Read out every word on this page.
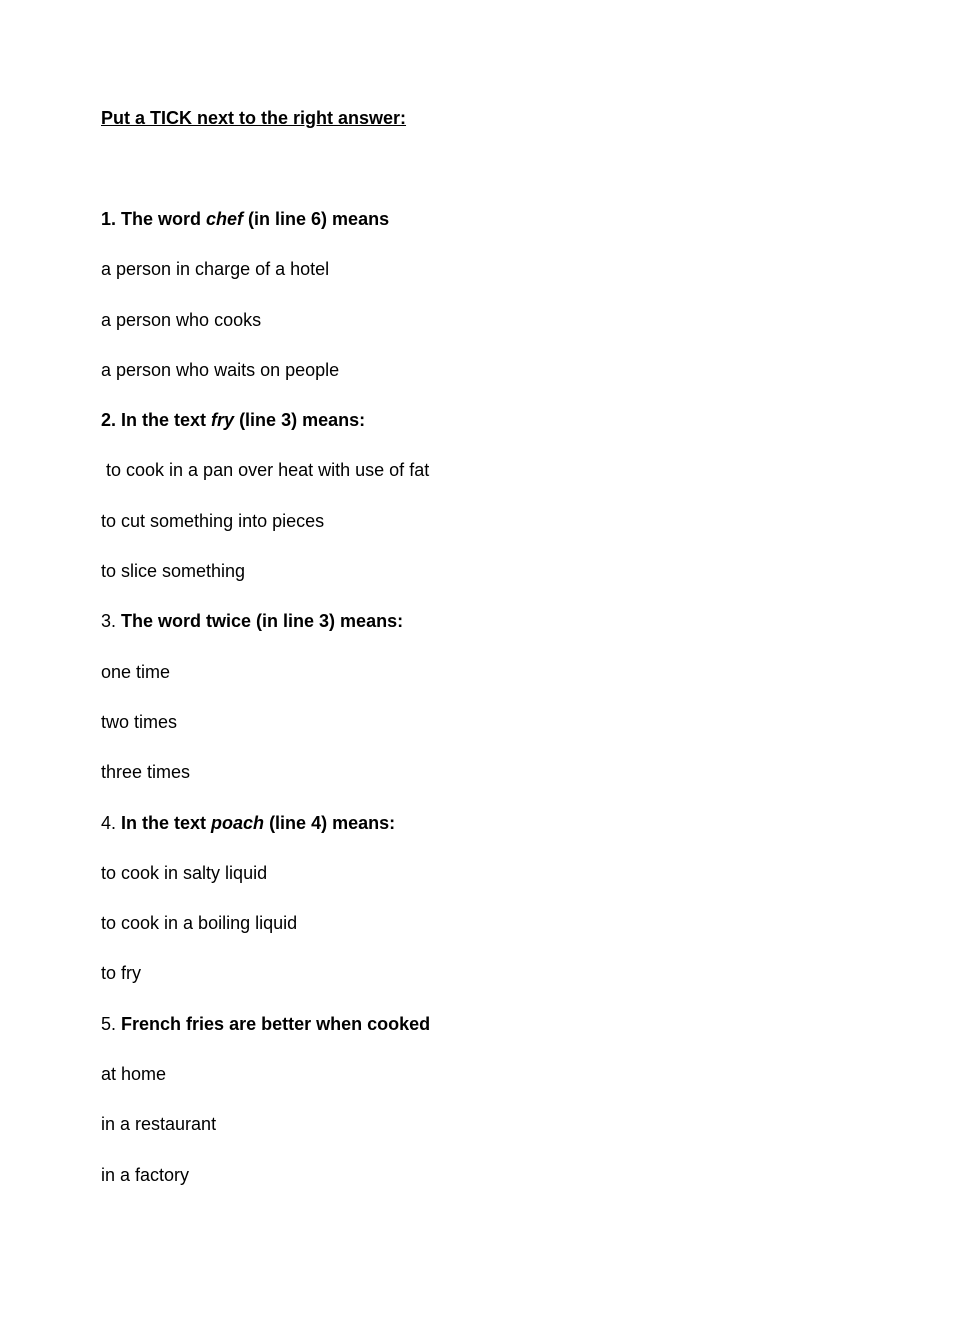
Put a TICK next to the right answer:
1. The word chef (in line 6) means
a person in charge of a hotel
a person who cooks
a person who waits on people
2. In the text fry (line 3) means:
to cook in a pan over heat with use of fat
to cut something into pieces
to slice something
3. The word twice (in line 3) means:
one time
two times
three times
4. In the text poach (line 4) means:
to cook in salty liquid
to cook in a boiling liquid
to fry
5. French fries are better when cooked
at home
in a restaurant
in a factory
